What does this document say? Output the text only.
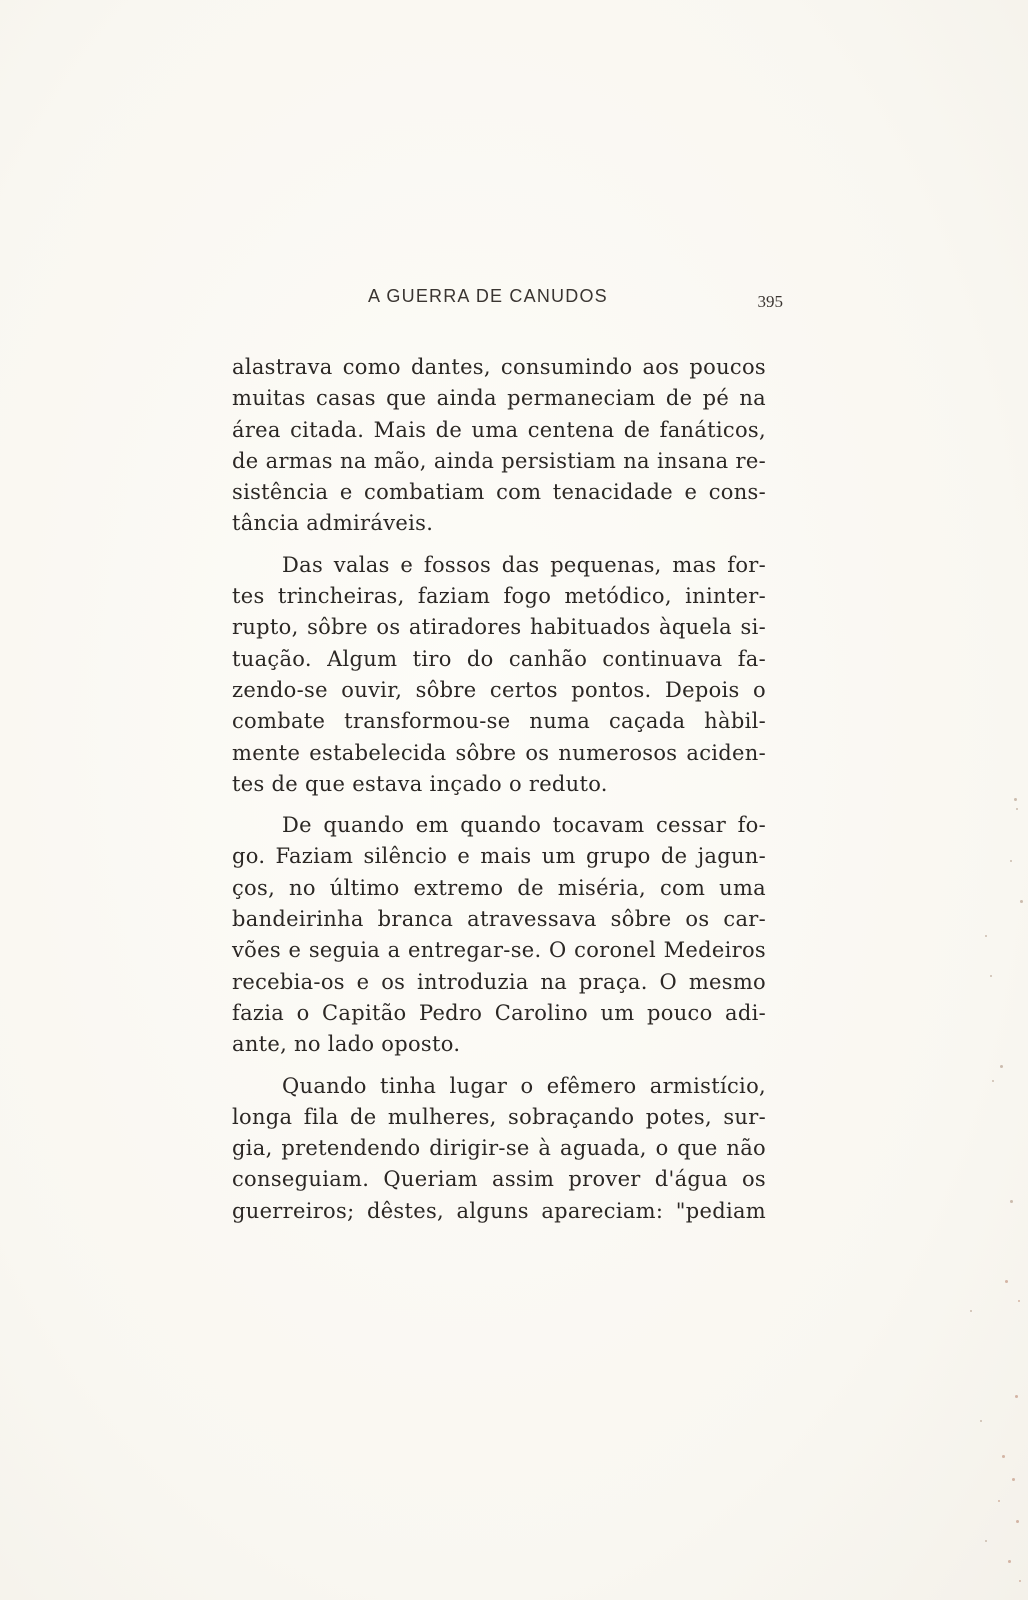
A GUERRA DE CANUDOS	395
alastrava como dantes, consumindo aos poucos
muitas casas que ainda permaneciam de pé na
área citada. Mais de uma centena de fanáticos,
de armas na mão, ainda persistiam na insana re-
sistência e combatiam com tenacidade e cons-
tância admiráveis.
Das valas e fossos das pequenas, mas for-
tes trincheiras, faziam fogo metódico, ininter-
rupto, sôbre os atiradores habituados àquela si-
tuação. Algum tiro do canhão continuava fa-
zendo-se ouvir, sôbre certos pontos. Depois o
combate transformou-se numa caçada hàbil-
mente estabelecida sôbre os numerosos aciden-
tes de que estava inçado o reduto.
De quando em quando tocavam cessar fo-
go. Faziam silêncio e mais um grupo de jagun-
ços, no último extremo de miséria, com uma
bandeirinha branca atravessava sôbre os car-
vões e seguia a entregar-se. O coronel Medeiros
recebia-os e os introduzia na praça. O mesmo
fazia o Capitão Pedro Carolino um pouco adi-
ante, no lado oposto.
Quando tinha lugar o efêmero armistício,
longa fila de mulheres, sobraçando potes, sur-
gia, pretendendo dirigir-se à aguada, o que não
conseguiam. Queriam assim prover d'água os
guerreiros; dêstes, alguns apareciam: "pediam
